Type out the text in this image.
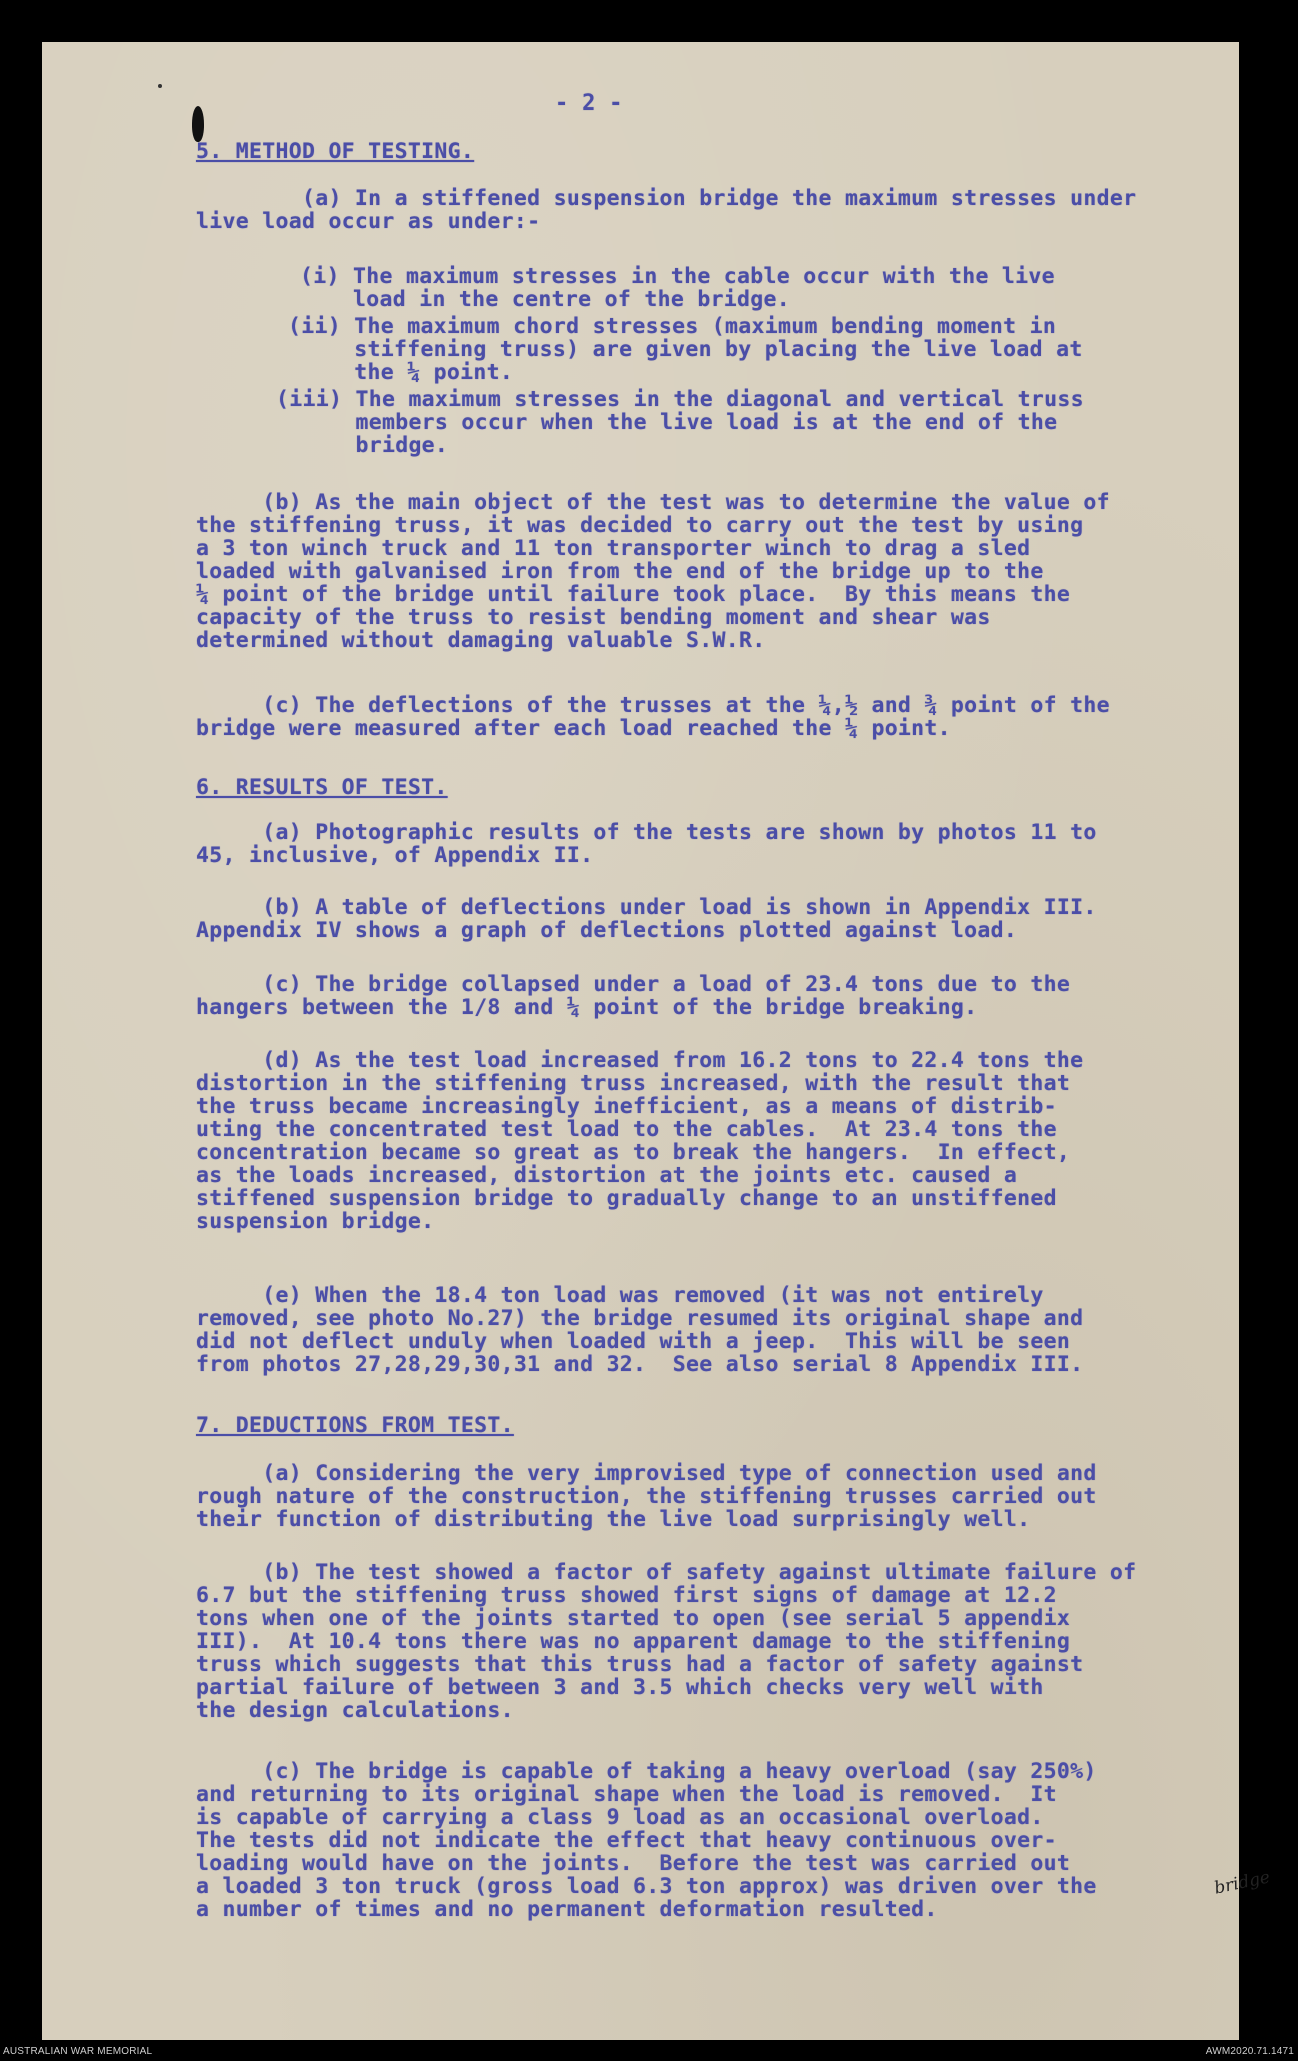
- 2 -
5. METHOD OF TESTING.
(a) In a stiffened suspension bridge the maximum stresses under
live load occur as under:-
(i) The maximum stresses in the cable occur with the live
load in the centre of the bridge.
(ii) The maximum chord stresses (maximum bending moment in
stiffening truss) are given by placing the live load at
the ¼ point.
(iii) The maximum stresses in the diagonal and vertical truss
members occur when the live load is at the end of the
bridge.
(b) As the main object of the test was to determine the value of
the stiffening truss, it was decided to carry out the test by using
a 3 ton winch truck and 11 ton transporter winch to drag a sled
loaded with galvanised iron from the end of the bridge up to the
¼ point of the bridge until failure took place.  By this means the
capacity of the truss to resist bending moment and shear was
determined without damaging valuable S.W.R.
(c) The deflections of the trusses at the ¼,½ and ¾ point of the
bridge were measured after each load reached the ¼ point.
6. RESULTS OF TEST.
(a) Photographic results of the tests are shown by photos 11 to
45, inclusive, of Appendix II.
(b) A table of deflections under load is shown in Appendix III.
Appendix IV shows a graph of deflections plotted against load.
(c) The bridge collapsed under a load of 23.4 tons due to the
hangers between the 1/8 and ¼ point of the bridge breaking.
(d) As the test load increased from 16.2 tons to 22.4 tons the
distortion in the stiffening truss increased, with the result that
the truss became increasingly inefficient, as a means of distrib-
uting the concentrated test load to the cables.  At 23.4 tons the
concentration became so great as to break the hangers.  In effect,
as the loads increased, distortion at the joints etc. caused a
stiffened suspension bridge to gradually change to an unstiffened
suspension bridge.
(e) When the 18.4 ton load was removed (it was not entirely
removed, see photo No.27) the bridge resumed its original shape and
did not deflect unduly when loaded with a jeep.  This will be seen
from photos 27,28,29,30,31 and 32.  See also serial 8 Appendix III.
7. DEDUCTIONS FROM TEST.
(a) Considering the very improvised type of connection used and
rough nature of the construction, the stiffening trusses carried out
their function of distributing the live load surprisingly well.
(b) The test showed a factor of safety against ultimate failure of
6.7 but the stiffening truss showed first signs of damage at 12.2
tons when one of the joints started to open (see serial 5 appendix
III).  At 10.4 tons there was no apparent damage to the stiffening
truss which suggests that this truss had a factor of safety against
partial failure of between 3 and 3.5 which checks very well with
the design calculations.
(c) The bridge is capable of taking a heavy overload (say 250%)
and returning to its original shape when the load is removed.  It
is capable of carrying a class 9 load as an occasional overload.
The tests did not indicate the effect that heavy continuous over-
loading would have on the joints.  Before the test was carried out
a loaded 3 ton truck (gross load 6.3 ton approx) was driven over the
a number of times and no permanent deformation resulted.
bridge
AUSTRALIAN WAR MEMORIAL	AWM2020.71.1471
